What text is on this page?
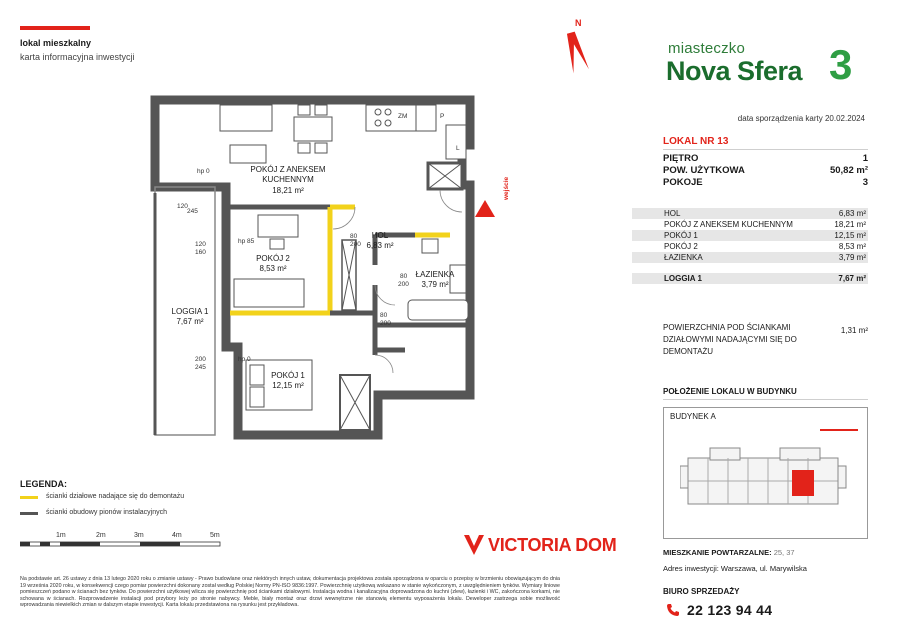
lokal mieszkalny
karta informacyjna inwestycji
N
miasteczko
Nova Sfera 3
data sporządzenia karty 20.02.2024
LOKAL NR 13
PIĘTRO	1
POW. UŻYTKOWA	50,82 m²
POKOJE	3
HOL	6,83 m²
POKÓJ Z ANEKSEM KUCHENNYM	18,21 m²
POKÓJ 1	12,15 m²
POKÓJ 2	8,53 m²
ŁAZIENKA	3,79 m²
LOGGIA 1	7,67 m²
POWIERZCHNIA POD ŚCIANKAMI DZIAŁOWYMI NADAJĄCYMI SIĘ DO DEMONTAŻU
1,31 m²
POŁOŻENIE LOKALU W BUDYNKU
BUDYNEK A
MIESZKANIE POWTARZALNE: 25, 37
Adres inwestycji: Warszawa, ul. Marywilska
BIURO SPRZEDAŻY
22 123 94 44
POKÓJ Z ANEKSEM
KUCHENNYM
18,21 m²
HOL
6,83 m²
POKÓJ 2
8,53 m²
ŁAZIENKA
3,79 m²
POKÓJ 1
12,15 m²
LOGGIA 1
7,67 m²
wejście
ZM	P
L
hp 0
120
245
120
160
hp 85
80
200
80
200
80
200
200
245
hp 0
LEGENDA:
ścianki działowe nadające się do demontażu
ścianki obudowy pionów instalacyjnych
1m	2m	3m	4m	5m	VICTORIA DOM
Na podstawie art. 26 ustawy z dnia 13 lutego 2020 roku o zmianie ustawy - Prawo budowlane oraz niektórych innych ustaw, dokumentacja projektowa została sporządzona w oparciu o przepisy w brzmieniu obowiązującym do dnia 19 września 2020 roku, w konsekwencji czego pomiar powierzchni dokonany został według Polskiej Normy PN-ISO 9836:1997. Powierzchnię użytkową wskazano w stanie wykończonym, z uwzględnieniem tynków. Wymiary liniowe pomieszczeń podano w ścianach bez tynków. Do powierzchni użytkowej wlicza się powierzchnię pod ściankami działowymi. Instalacja wodna i kanalizacyjna doprowadzona do kuchni (zlew), łazienki i WC, zakończona korkami, nie schowana w ścianach. Rozprowadzenie instalacji pod przybory leży po stronie nabywcy. Meble, biały montaż oraz drzwi wewnętrzne nie stanowią elementu wyposażenia lokalu. Deweloper zastrzega sobie możliwość wprowadzania niewielkich zmian w dalszym etapie inwestycji. Karta lokalu przedstawiona na rysunku jest przykładowa.
